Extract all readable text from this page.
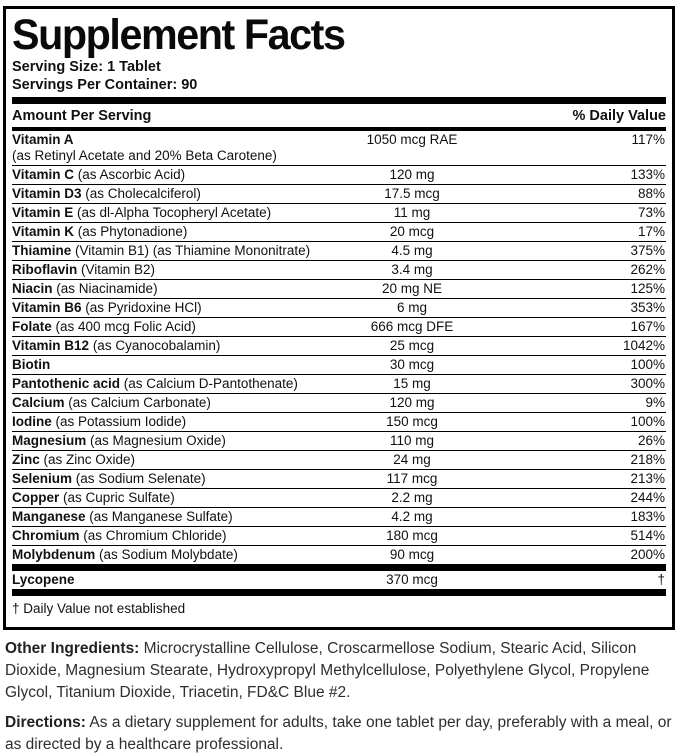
Supplement Facts
Serving Size: 1 Tablet
Servings Per Container: 90
Amount Per Serving	% Daily Value
Vitamin A
(as Retinyl Acetate and 20% Beta Carotene)
1050 mcg RAE	117%
Vitamin C (as Ascorbic Acid)	120 mg	133%
Vitamin D3 (as Cholecalciferol)	17.5 mcg	88%
Vitamin E (as dl-Alpha Tocopheryl Acetate)	11 mg	73%
Vitamin K (as Phytonadione)	20 mcg	17%
Thiamine (Vitamin B1) (as Thiamine Mononitrate)	4.5 mg	375%
Riboflavin (Vitamin B2)	3.4 mg	262%
Niacin (as Niacinamide)	20 mg NE	125%
Vitamin B6 (as Pyridoxine HCl)	6 mg	353%
Folate (as 400 mcg Folic Acid)	666 mcg DFE	167%
Vitamin B12 (as Cyanocobalamin)	25 mcg	1042%
Biotin	30 mcg	100%
Pantothenic acid (as Calcium D-Pantothenate)	15 mg	300%
Calcium (as Calcium Carbonate)	120 mg	9%
Iodine (as Potassium Iodide)	150 mcg	100%
Magnesium (as Magnesium Oxide)	110 mg	26%
Zinc (as Zinc Oxide)	24 mg	218%
Selenium (as Sodium Selenate)	117 mcg	213%
Copper (as Cupric Sulfate)	2.2 mg	244%
Manganese (as Manganese Sulfate)	4.2 mg	183%
Chromium (as Chromium Chloride)	180 mcg	514%
Molybdenum (as Sodium Molybdate)	90 mcg	200%
Lycopene	370 mcg	†
† Daily Value not established
Other Ingredients: Microcrystalline Cellulose, Croscarmellose Sodium, Stearic Acid, Silicon Dioxide, Magnesium Stearate, Hydroxypropyl Methylcellulose, Polyethylene Glycol, Propylene Glycol, Titanium Dioxide, Triacetin, FD&C Blue #2.
Directions: As a dietary supplement for adults, take one tablet per day, preferably with a meal, or as directed by a healthcare professional.
